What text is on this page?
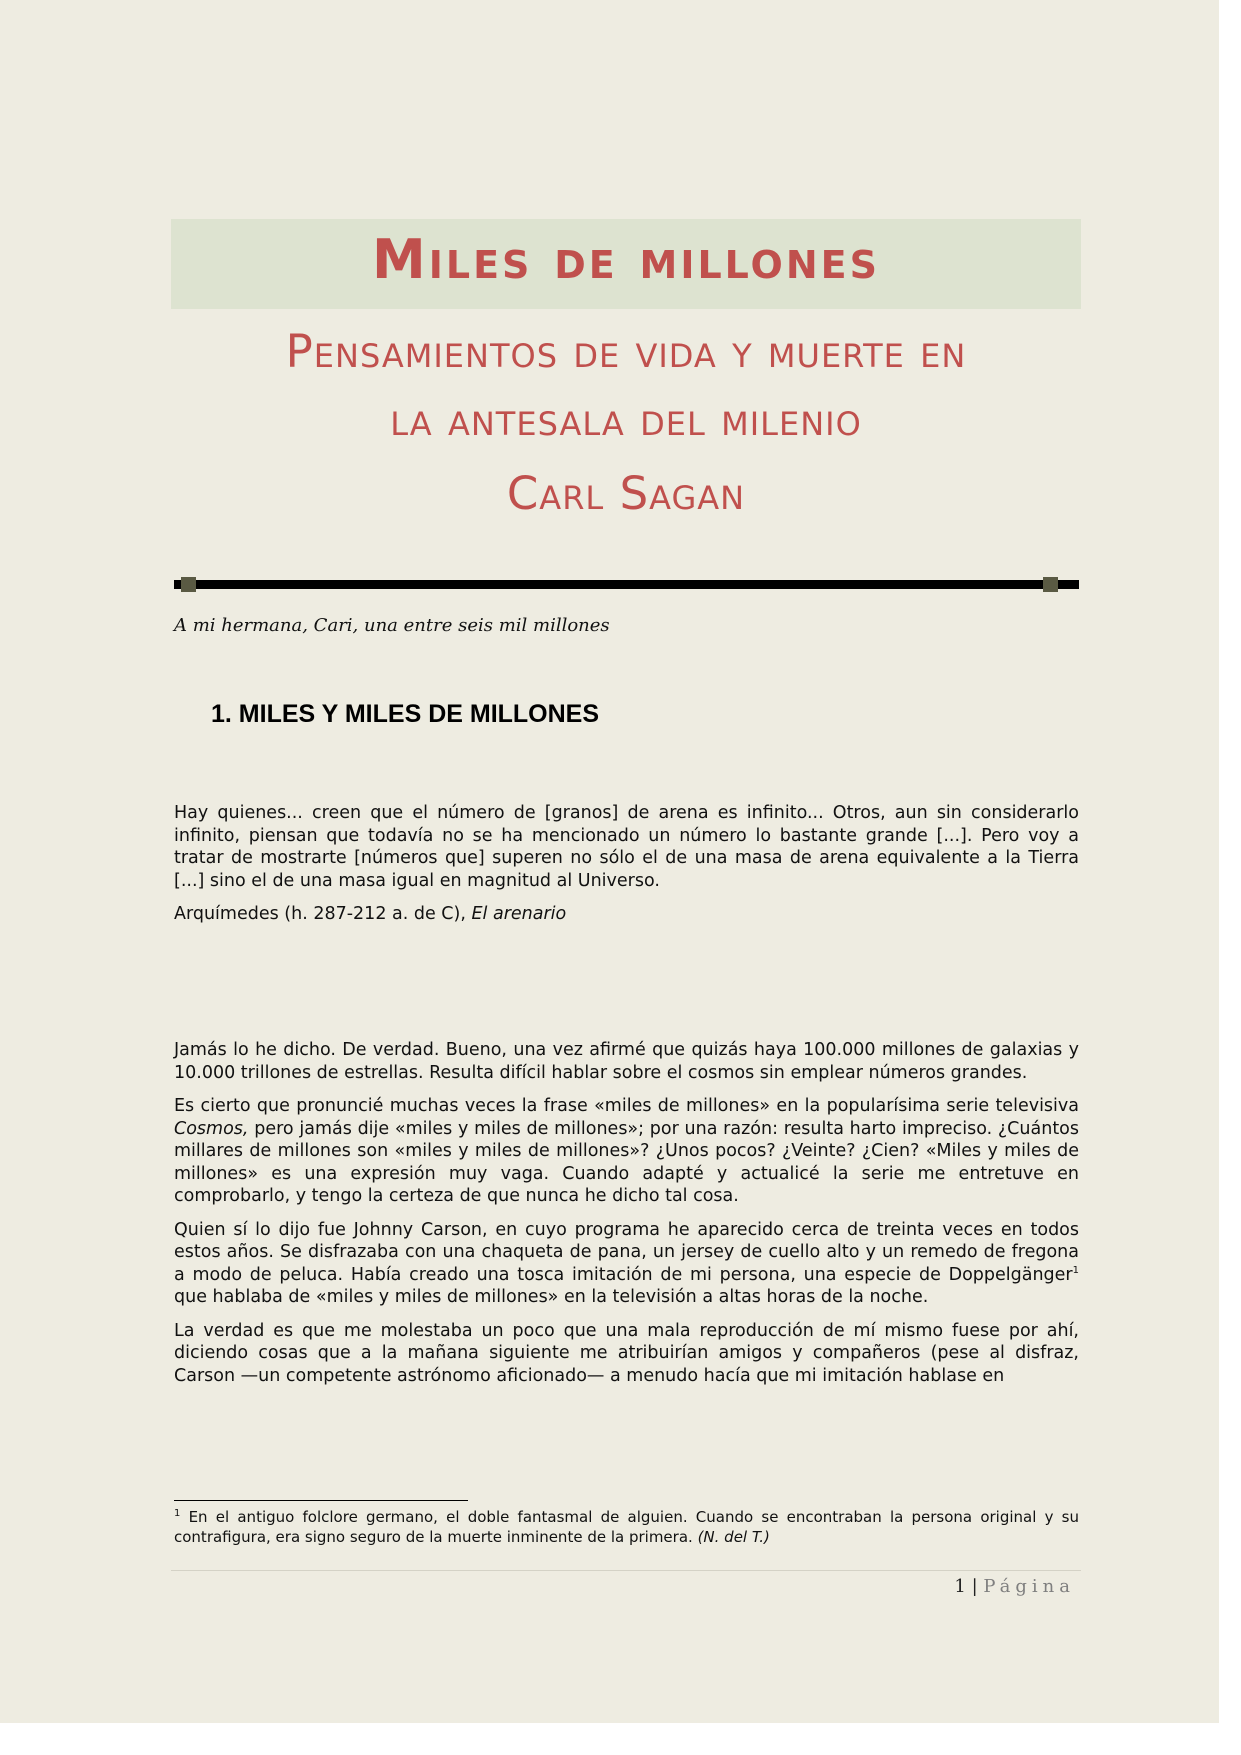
Miles de millones
Pensamientos de vida y muerte en
la antesala del milenio
Carl Sagan
A mi hermana, Cari, una entre seis mil millones
1. MILES Y MILES DE MILLONES

Hay quienes... creen que el número de [granos] de arena es infinito... Otros, aun sin considerarlo infinito, piensan que todavía no se ha mencionado un número lo bastante grande [...]. Pero voy a tratar de mostrarte [números que] superen no sólo el de una masa de arena equivalente a la Tierra [...] sino el de una masa igual en magnitud al Universo.

Arquímedes (h. 287-212 a. de C), El arenario

Jamás lo he dicho. De verdad. Bueno, una vez afirmé que quizás haya 100.000 millones de galaxias y 10.000 trillones de estrellas. Resulta difícil hablar sobre el cosmos sin emplear números grandes.

Es cierto que pronuncié muchas veces la frase «miles de millones» en la popularísima serie televisiva Cosmos, pero jamás dije «miles y miles de millones»; por una razón: resulta harto impreciso. ¿Cuántos millares de millones son «miles y miles de millones»? ¿Unos pocos? ¿Veinte? ¿Cien? «Miles y miles de millones» es una expresión muy vaga. Cuando adapté y actualicé la serie me entretuve en comprobarlo, y tengo la certeza de que nunca he dicho tal cosa.

Quien sí lo dijo fue Johnny Carson, en cuyo programa he aparecido cerca de treinta veces en todos estos años. Se disfrazaba con una chaqueta de pana, un jersey de cuello alto y un remedo de fregona a modo de peluca. Había creado una tosca imitación de mi persona, una especie de Doppelgänger$^1$ que hablaba de «miles y miles de millones» en la televisión a altas horas de la noche.

La verdad es que me molestaba un poco que una mala reproducción de mí mismo fuese por ahí, diciendo cosas que a la mañana siguiente me atribuirían amigos y compañeros (pese al disfraz, Carson —un competente astrónomo aficionado— a menudo hacía que mi imitación hablase en

$^1$ En el antiguo folclore germano, el doble fantasmal de alguien. Cuando se encontraban la persona original y su contrafigura, era signo seguro de la muerte inminente de la primera. (N. del T.)
1 | Página
